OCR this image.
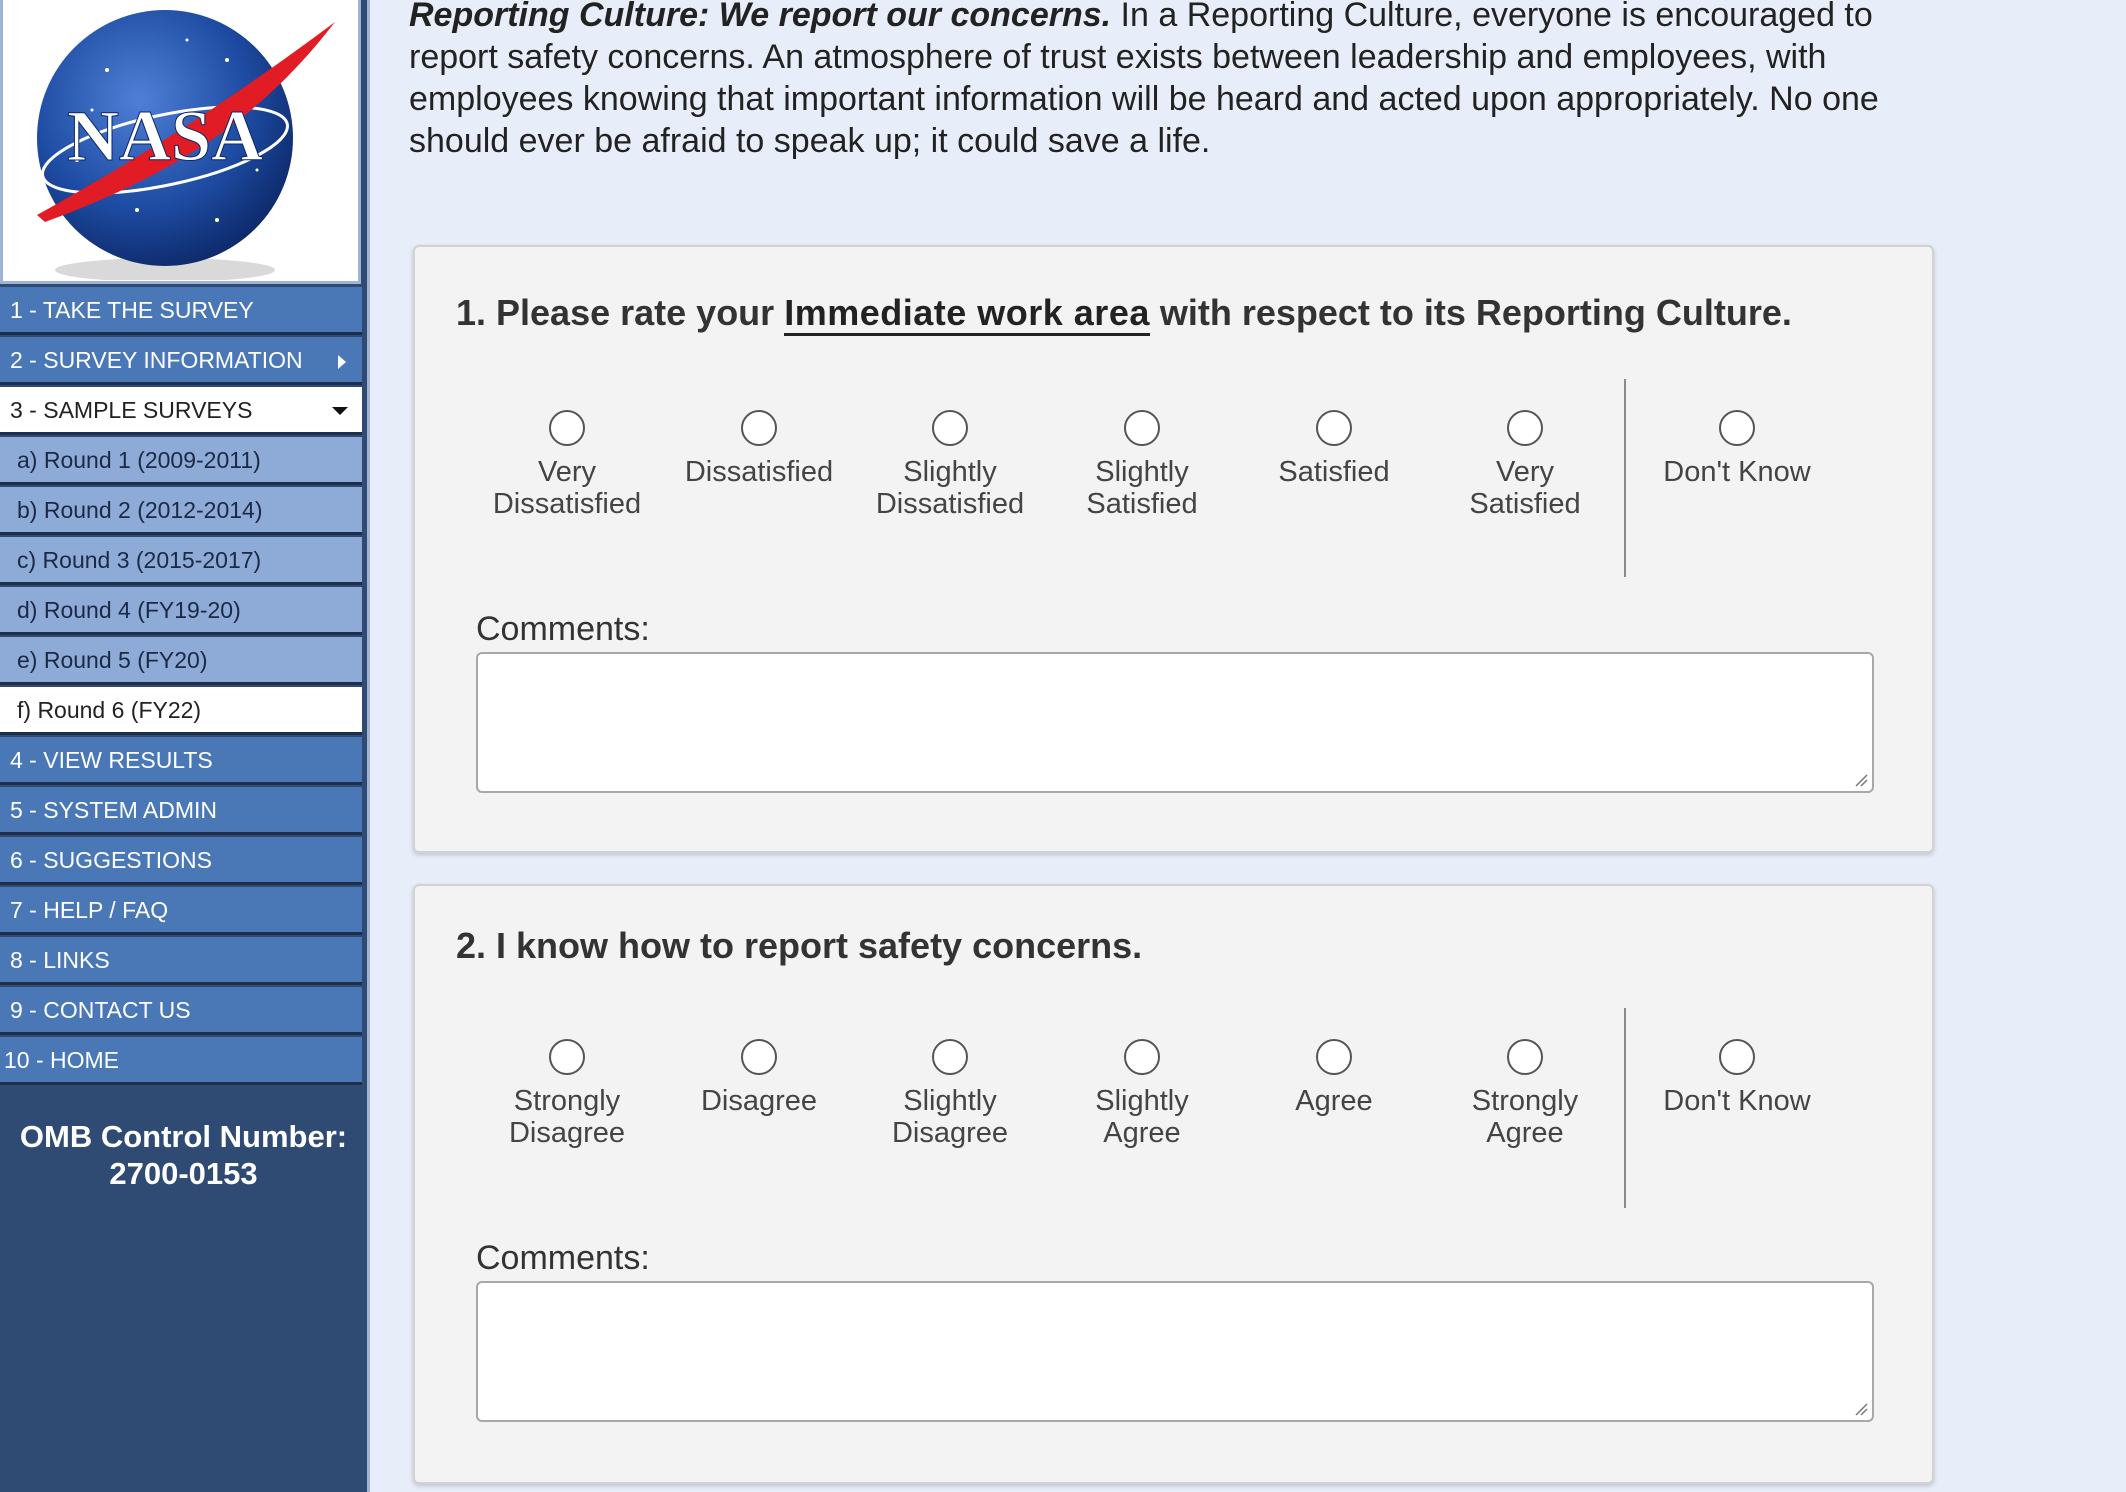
NASA
1 - TAKE THE SURVEY
2 - SURVEY INFORMATION
3 - SAMPLE SURVEYS
a) Round 1 (2009-2011)
b) Round 2 (2012-2014)
c) Round 3 (2015-2017)
d) Round 4 (FY19-20)
e) Round 5 (FY20)
f) Round 6 (FY22)
4 - VIEW RESULTS
5 - SYSTEM ADMIN
6 - SUGGESTIONS
7 - HELP / FAQ
8 - LINKS
9 - CONTACT US
10 - HOME
OMB Control Number:
2700-0153
Reporting Culture: We report our concerns. In a Reporting Culture, everyone is encouraged to report safety concerns. An atmosphere of trust exists between leadership and employees, with employees knowing that important information will be heard and acted upon appropriately. No one should ever be afraid to speak up; it could save a life.
1. Please rate your Immediate work area with respect to its Reporting Culture.
Very
Dissatisfied
Dissatisfied	Slightly
Dissatisfied
Slightly
Satisfied
Satisfied	Very
Satisfied
Don't Know
Comments:
2. I know how to report safety concerns.
Strongly
Disagree
Disagree	Slightly
Disagree
Slightly
Agree
Agree	Strongly
Agree
Don't Know
Comments:
